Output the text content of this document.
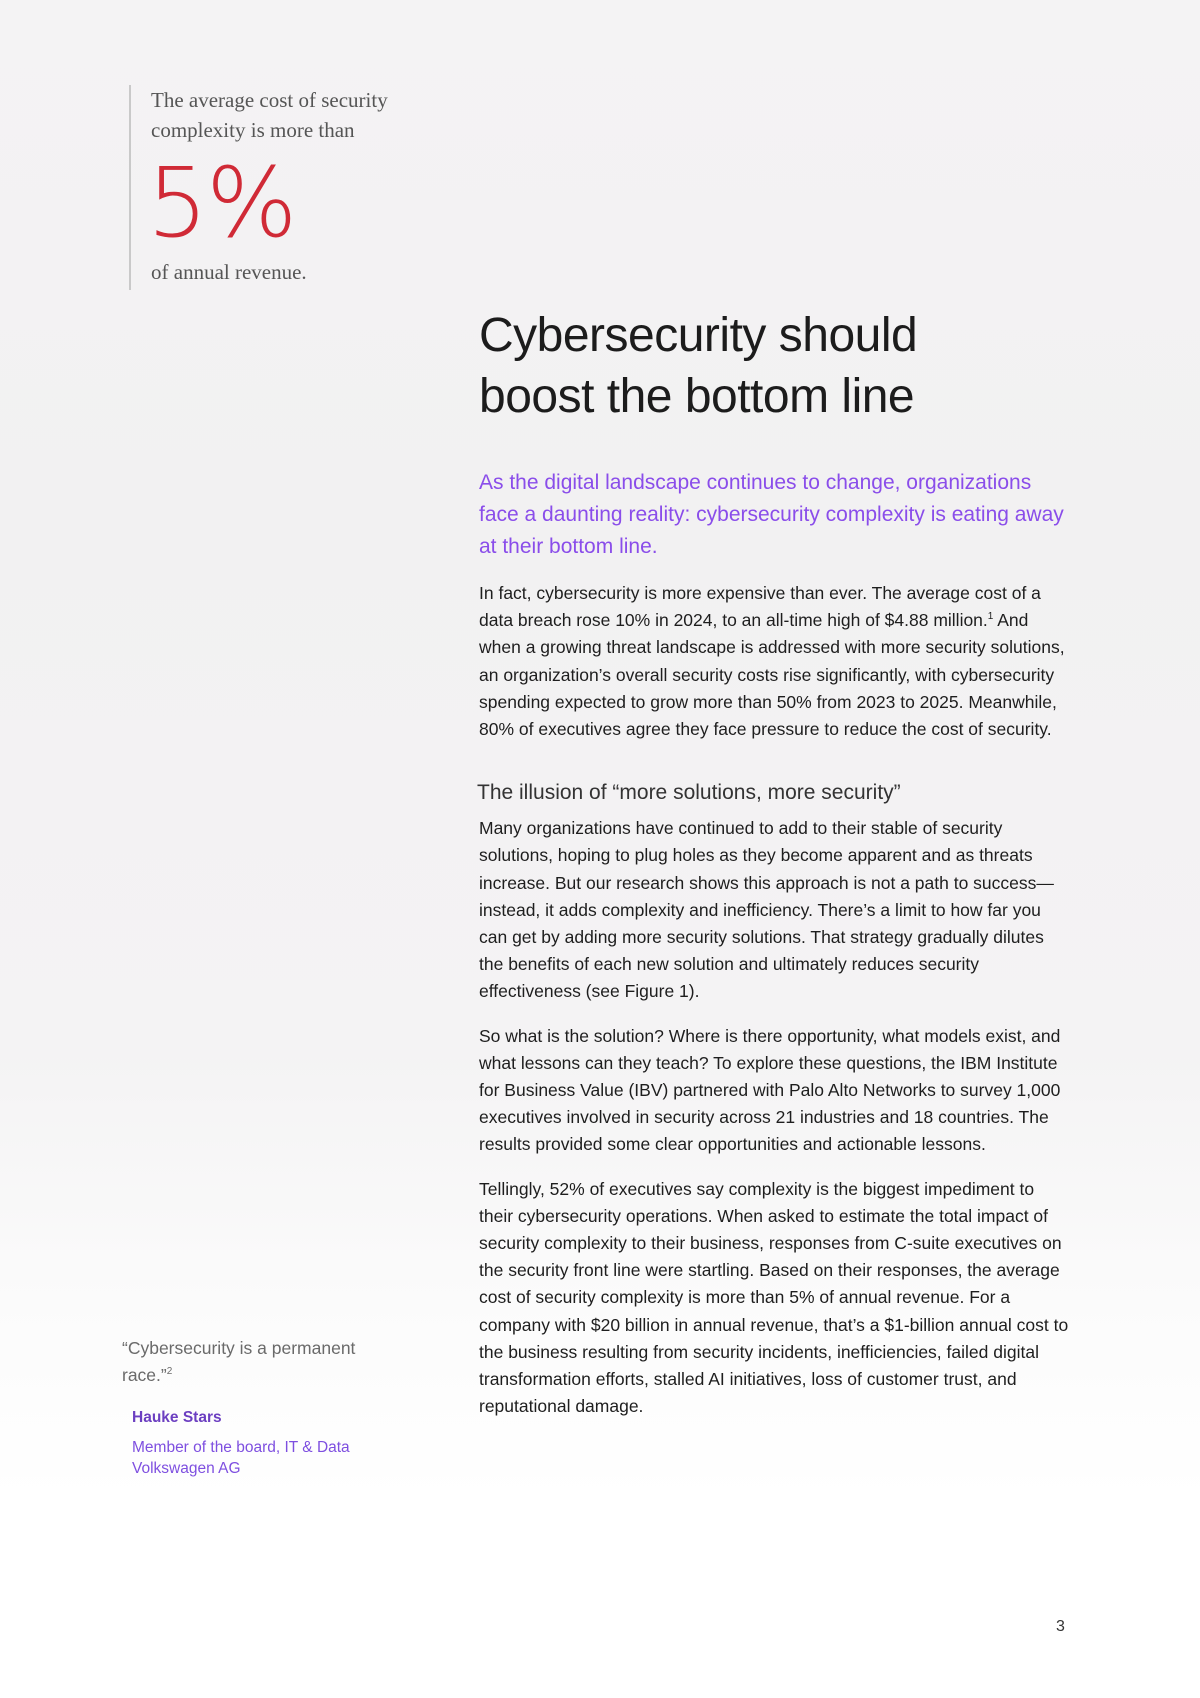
The average cost of security complexity is more than

5%

of annual revenue.

Cybersecurity should boost the bottom line

As the digital landscape continues to change, organizations face a daunting reality: cybersecurity complexity is eating away at their bottom line.

In fact, cybersecurity is more expensive than ever. The average cost of a data breach rose 10% in 2024, to an all-time high of $4.88 million.$^1$ And when a growing threat landscape is addressed with more security solutions, an organization’s overall security costs rise significantly, with cybersecurity spending expected to grow more than 50% from 2023 to 2025. Meanwhile, 80% of executives agree they face pressure to reduce the cost of security.

The illusion of “more solutions, more security”

Many organizations have continued to add to their stable of security solutions, hoping to plug holes as they become apparent and as threats increase. But our research shows this approach is not a path to success—instead, it adds complexity and inefficiency. There’s a limit to how far you can get by adding more security solutions. That strategy gradually dilutes the benefits of each new solution and ultimately reduces security effectiveness (see Figure 1).

So what is the solution? Where is there opportunity, what models exist, and what lessons can they teach? To explore these questions, the IBM Institute for Business Value (IBV) partnered with Palo Alto Networks to survey 1,000 executives involved in security across 21 industries and 18 countries. The results provided some clear opportunities and actionable lessons.

Tellingly, 52% of executives say complexity is the biggest impediment to their cybersecurity operations. When asked to estimate the total impact of security complexity to their business, responses from C-suite executives on the security front line were startling. Based on their responses, the average cost of security complexity is more than 5% of annual revenue. For a company with $20 billion in annual revenue, that’s a $1-billion annual cost to the business resulting from security incidents, inefficiencies, failed digital transformation efforts, stalled AI initiatives, loss of customer trust, and reputational damage.

“Cybersecurity is a permanent race.”$^2$

Hauke Stars
Member of the board, IT & Data Volkswagen AG
3
